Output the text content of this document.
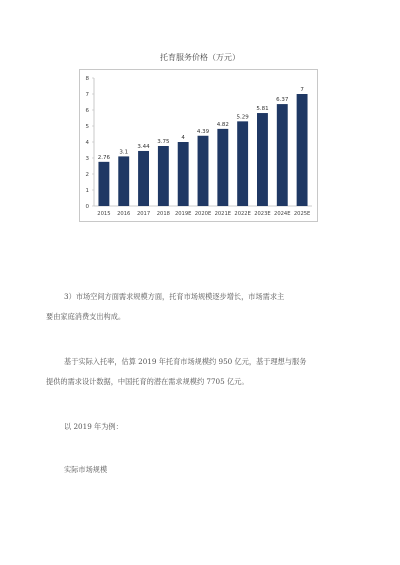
托育服务价格（万元）
0
1
2
3
4
5
6
7
8
2.76
2015
3.1
2016
3.44
2017
3.75
2018
4
2019E
4.39
2020E
4.82
2021E
5.29
2022E
5.81
2023E
6.37
2024E
7
2025E
3）市场空间方面需求规模方面，托育市场规模逐步增长，市场需求主
要由家庭消费支出构成。
基于实际入托率，估算 2019 年托育市场规模约 950 亿元，基于理想与服务
提供的需求设计数据，中国托育的潜在需求规模约 7705 亿元。
以 2019 年为例：
实际市场规模
